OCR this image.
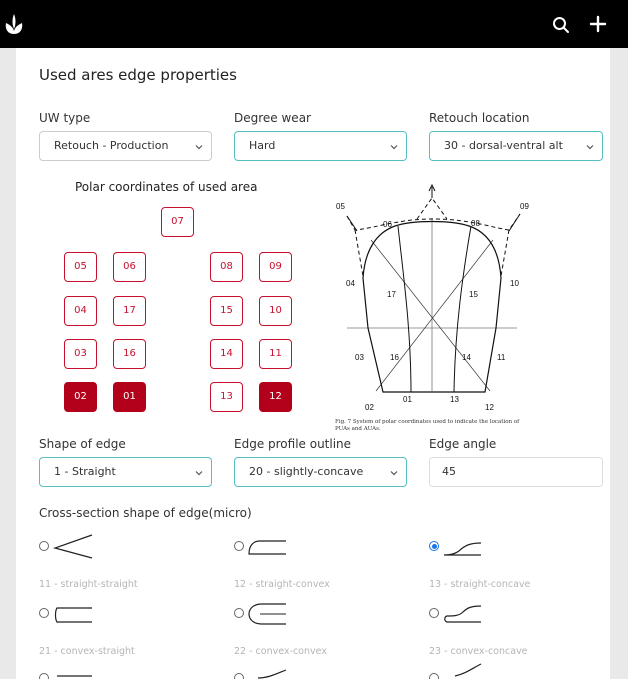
Used ares edge properties
UW type
Retouch - Production
Degree wear
Hard
Retouch location
30 - dorsal-ventral alt
Polar coordinates of used area
07
05	06	08	09
04	17	15	10
03	16	14	11
02	01	13	12
05
06	08
09
04
17	15
10
03	16	14	11
02
01	13
12
Fig. 7 System of polar coordinates used to indicate the location of PUAs and AUAs.
Shape of edge
1 - Straight
Edge profile outline
20 - slightly-concave
Edge angle
45
Cross-section shape of edge(micro)
11 - straight-straight	12 - straight-convex	13 - straight-concave
21 - convex-straight	22 - convex-convex	23 - convex-concave
